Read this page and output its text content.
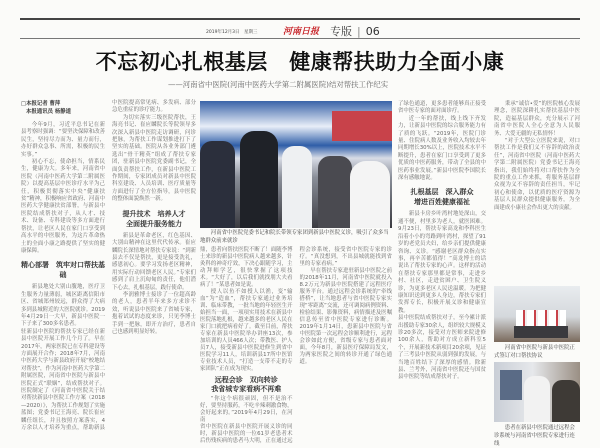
2019年12月3日　星期三	河南日报 专版 | 06
不忘初心扎根基层　健康帮扶助力全面小康
——河南省中医院(河南中医药大学第二附属医院)结对帮扶工作纪实
□本报记者 曹萍
本报通讯员 杨静道

今年9月，习近平总书记在新县考察时强调：“要坚决保障和改善民生，坚持尽力而为、量力而行，办好群众急事、所需，积极的民生实事。”

初心不忘，使命担当，情系民生，健康为大。多年来，河南省中医院（河南中医药大学第二附属医院）以提高基层中医诊疗水平为己任，积极贯彻落实中央“健康扶贫”精神，积极响应省政府、河南中医药大学健康扶贫部署，与新县中医院结成帮扶对子，从人才、技术、设备、专科建设等多方面进行帮扶，让老区人民在家门口享受到高水平的中医服务，为这片革命热土的全面小康之路提供了坚实的健康保障。

精心部署　筑牢对口帮扶基础

新县地处大别山腹地，医疗卫生服务力量薄弱，城区距离信阳市区、省城郑州较远，群众得了大病多到县城附近的大医院就诊。2019年4月29日一大早，新县中医院一下子来了300多名患者。

驻新县中医院的帮扶专家已经在新县中医院开展工作几个月了。早在2017年，两家医院已在专科建设等方面展开合作；2018年7月，河南中医药大学与新县政府开展“校地结对帮扶”，作为河南中医药大学第二附属医院，河南省中医院与新县中医院正式“联姻”，结成帮扶对子。医院制定了《河南省中医院关于结对帮扶新县中医院工作方案（2018—2020）》，为帮扶工作规划了实施蓝图；党委书记王海亮、院长崔应麟任组长，并且按照方案落实，4万余以人才培养为重点，帮助新县中医院提高常见病、多发病、部分急危重症的诊疗能力。

为切实落实三级医院帮扶，王海亮书记、崔应麟院长等院领导多次深入新县中医院走访调研，问诊把脉，为帮扶工作谋划推进打下了坚实的基础。医院从各业务部门遴选出“骨干精英”组成了帮扶专家团，驻新县中医院党委副书记，全面负责帮扶工作，在新县中医院工作期间，专家团成员对新县中医院科室建设、人员培训、医疗质量等方面进行了全方位指导，县中医院的整体面貌焕然一新。

提升技术　培养人才
全面提升服务能力

新县是革命老区，红色基因、大别山精神在这里代代传承。崔应麟院长深情地对帮扶专家说：“到新县去不仅是帮扶，更是接受洗礼，感恩初心。要学习发扬老区精神，用实际行动回馈老区人民。”专家们感到了肩上沉甸甸的责任，他们潜下心去，扎根基层，践行使命。

李润雅博士接诊了一位超高龄的老人，患者半年来多方求诊不效，听说县中医院来了省城专家，抱着试试的态度来诊，只见李博士手到一把脉，即开方治疗，患者自己也感到明显好转。

河南省中医院党委书记和院长带领专家团到新县中医院义诊，吸引了众多当地群众前来就诊

鼎，患者向帮扶医院不断了！面随李博士来诊的新县中医院病人越来越多，针灸科的神奇疗效，下决心跟随学习，主动拜师学艺，很快掌握了这项技术。“大好了，以后我们就找朋大夫看病了！”某患者如是说。

授人以鱼不如授人以渔，变“输血”为“造血”，帮扶专家通过业务培训、临床带教，一批当地的年轻医生开始担当一面，一项项实用技术在新县中医院落地扎根，越来越多的老区人民在家门口就把病看好了。截至目前，帮扶专家在新县中医院举办讲座13次，参加培训的人员466人次；带教医、护人员7人，接受新县中医院进修生到省中医院学习11人，培训新县17所中医馆专业技术人员，“打造一支带不走的专家团队”正在成为现实。

远程会诊　双向转诊
我省城专家看病不再难

“你这个病很顽固，但不是治不好，要坚持服药，不吃辛辣刺激食物，会好起来的。”2019年4月29日，在河南

省中医院在新县中医院开展义诊的同时，新县中医院的一位61岁老患者术后伤残疾病的患者马大明，正在通过远程会诊系统，接受省中医院专家的诊疗。“真没想到，不出县城就能找到省里的专家看病。”

早在帮扶专家进驻新县中医院之前的2018年11月，河南省中医院就投入8.2万元为新县中医院搭建了远程医疗服务平台。通过远程会诊系统的“牵线搭桥”，让当地患者与省中医院专家实现“零距离”交流，还可调阅病例资料、检验结果、影像资料，病情描述及医嘱信息传至省中医院专家进行诊断。2019年1月14日，患新县中医院与省中医院第一次远程会诊顺利进行，远程会诊如此方便，省级专家与患者面对面，今年8月，新县医疗保障局发文，为两家医院之间的转诊开通了绿色通道。

了绿色通道，更多患者能够真正接受省中医专家的面对面诊疗。

近一年的帮扶，线上线下齐发力，让新县中医院的综合服务能力有了质的飞跃。“2019年，医院门诊量、住院病人数及业务收入均较去年同期增长30%以上，医院技术水平不断提升，患者在家门口享受到了更多优质的中医药服务，带动了全县的中医药事业发展。”新县中医院李国院长深有感触地说。

扎根基层　深入群众
增进百姓健康福祉

新县卡房乡叶湾村地处深山，交通不便，村里多为老人，就医困难。9月23日，帮扶专家高龙和李科医生沿着小小的弯路到叶湾村，探望了91岁的老党员夫妇，给乡亲们提供健康咨询、义诊。“感谢老区群众指点实事，再辛苦都值得！”高龙博士的话说出了帮扶专家的心声。这样的活动在帮扶专家那里都是常事，走进乡村、社区，走进贫困户、卫生院义诊，为更多老区人民送温暖。为把健康知识送到更多人身边，帮扶专家们发挥专长，积极开展义诊和健康宣教。

县中医院结成帮扶对子，至今累计派出援助专家30余人，组织较大规模义诊20多次，接受对方医师来院进修100余人，帮助对方成立新科室5个，开展新技术新项目20余项，见证了三考县中医院从弱到强的发展，与当地百姓结下了深厚的感情。除新县、兰考外，河南省中医院还与国贫县中医院等结成帮扶对子。

秉承“诚信•爱”的医院核心发展理念，医院深耕扎实帮扶基层中医院，造福基层群众，充分展示了河南省中医院人全心全意为人民服务、大爱无疆的无私情怀！

“对于大型公立医院来说，对口帮扶工作是我们义不容辞的政治责任”，河南省中医院（河南中医药大学第二附属医院）党委书记王海亮指出，我们始终将对口帮扶作为全院的重点工作来抓，将服务基层群众视为义不容辞的责任担当，牢记初心和使命，以优质的医疗资源为基层人民群众提供健康服务，为全面建成小康社会作出更大的贡献。

河南省中医院与新县中医院正式签订对口帮扶协议
患者在新县中医院通过远程会诊系统与河南省中医院专家进行连线
